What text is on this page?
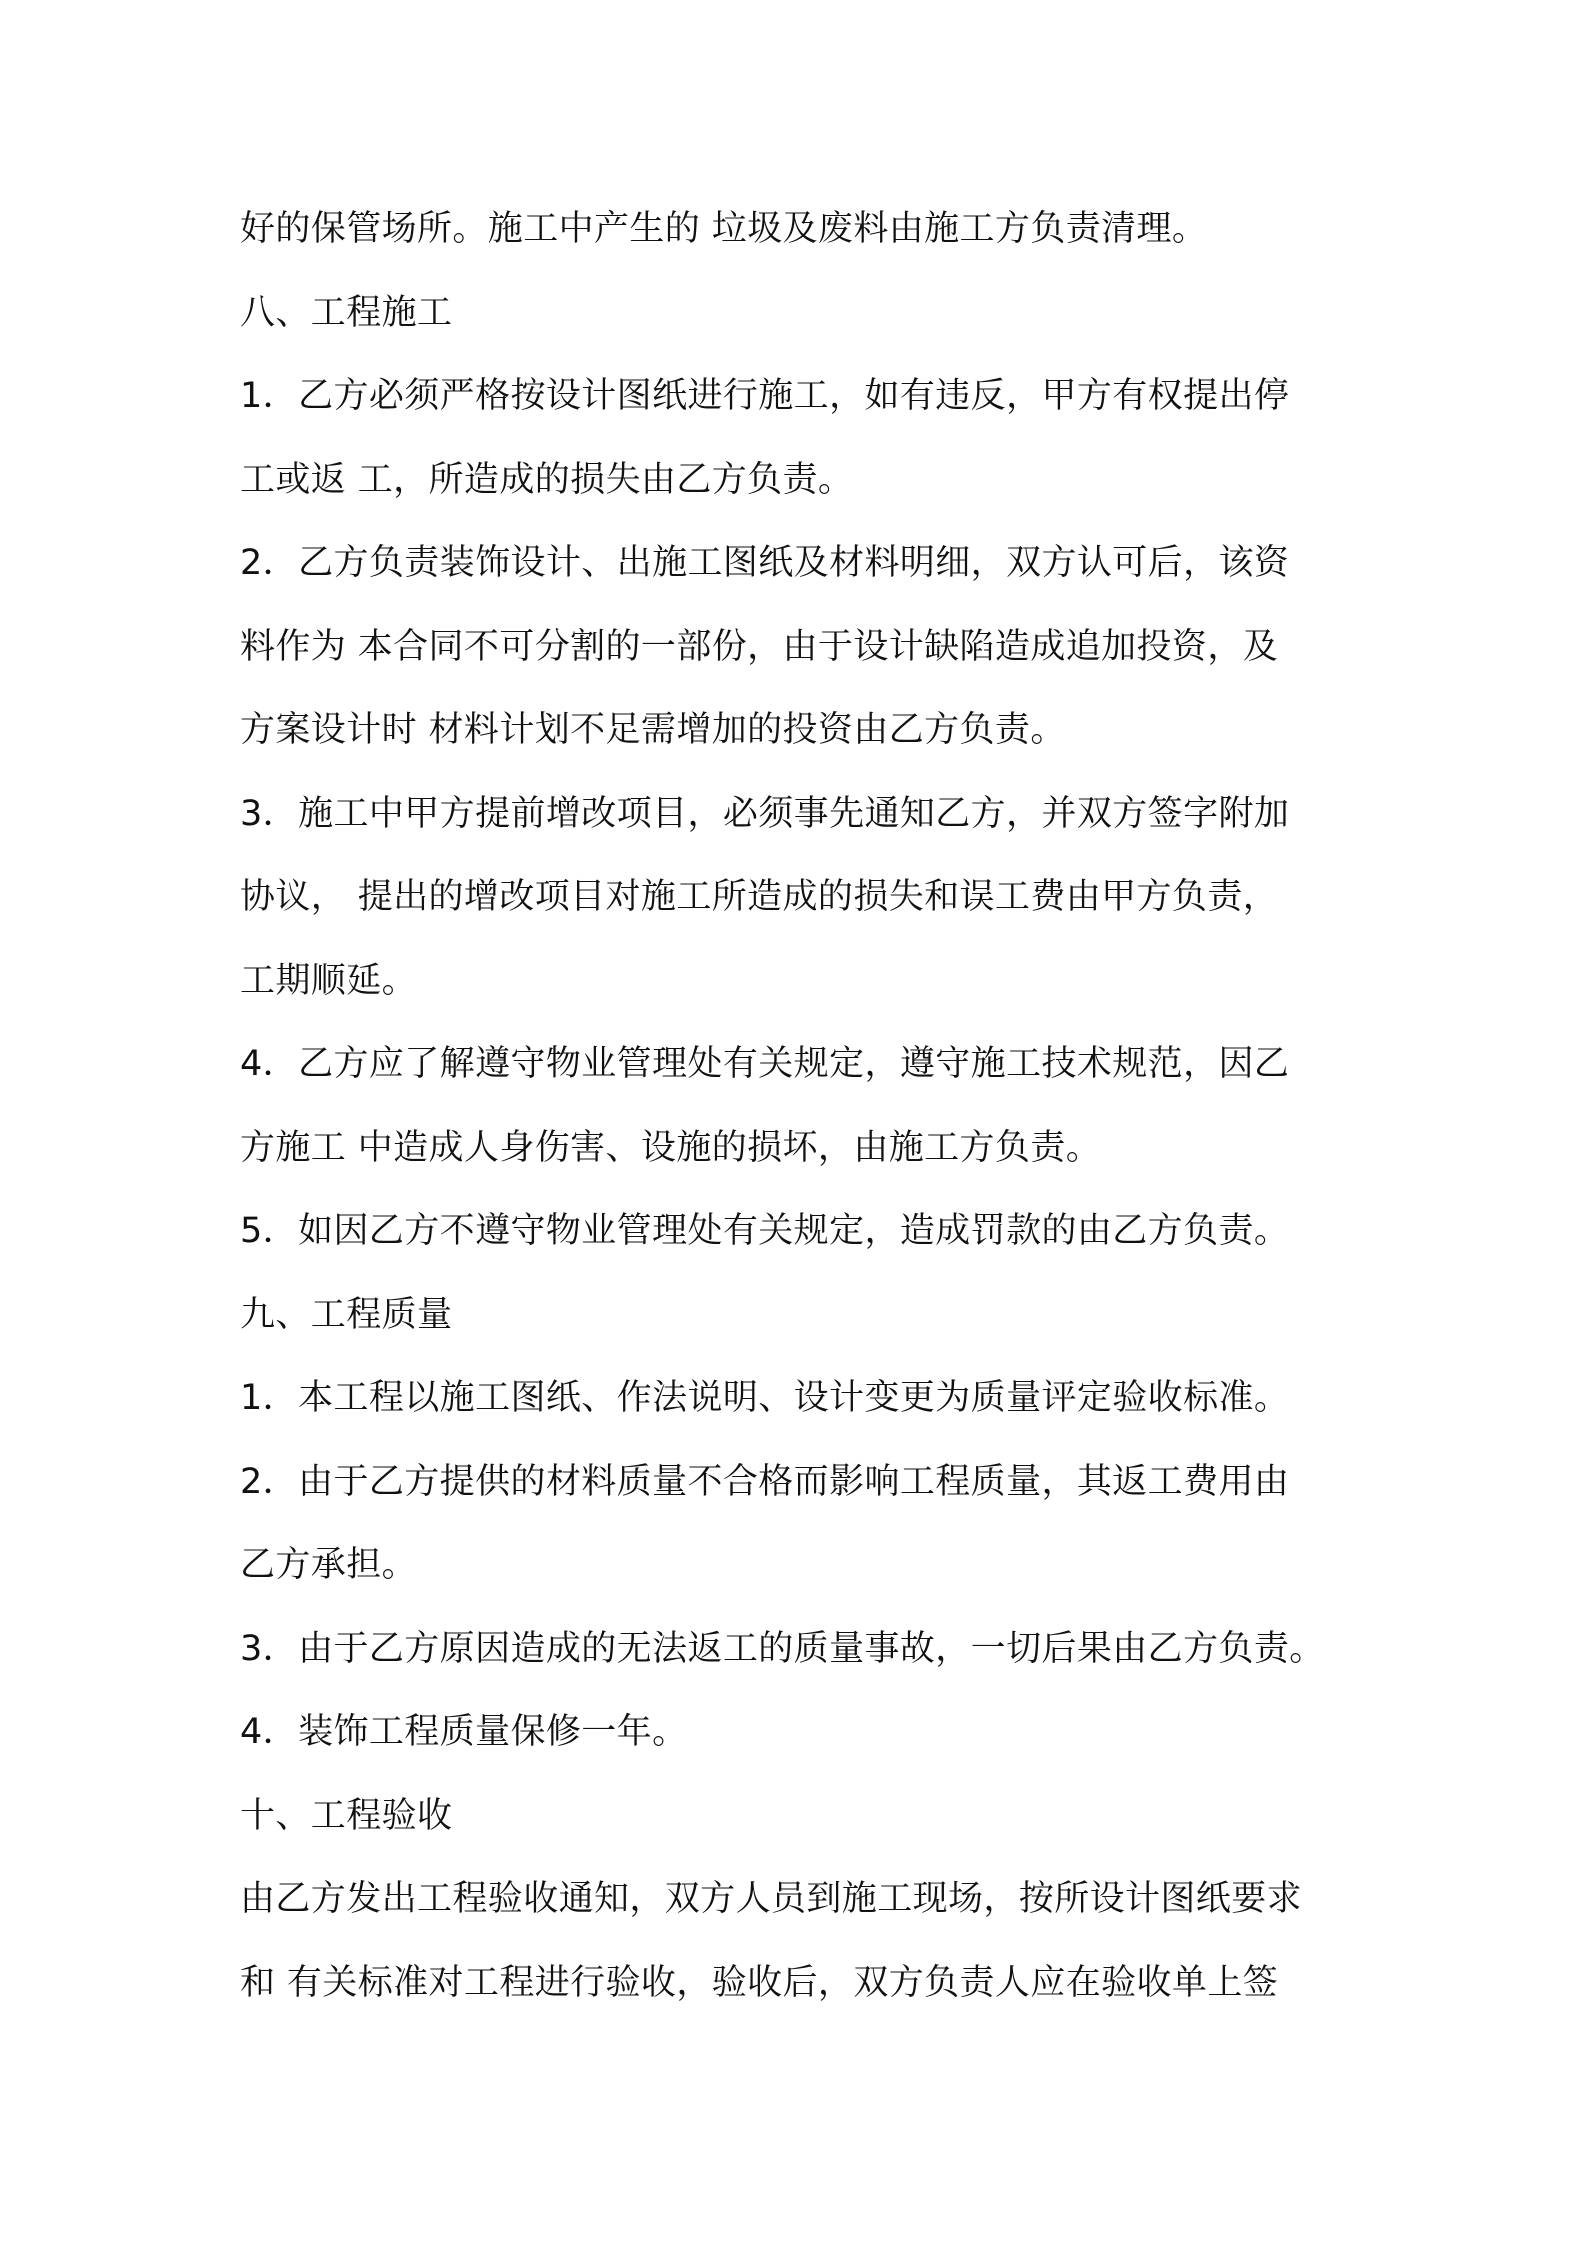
好的保管场所。施工中产生的 垃圾及废料由施工方负责清理。
八、工程施工
1．乙方必须严格按设计图纸进行施工，如有违反，甲方有权提出停
工或返 工，所造成的损失由乙方负责。
2．乙方负责装饰设计、出施工图纸及材料明细，双方认可后，该资
料作为 本合同不可分割的一部份，由于设计缺陷造成追加投资，及
方案设计时 材料计划不足需增加的投资由乙方负责。
3．施工中甲方提前增改项目，必须事先通知乙方，并双方签字附加
协议， 提出的增改项目对施工所造成的损失和误工费由甲方负责，
工期顺延。
4．乙方应了解遵守物业管理处有关规定，遵守施工技术规范，因乙
方施工 中造成人身伤害、设施的损坏，由施工方负责。
5．如因乙方不遵守物业管理处有关规定，造成罚款的由乙方负责。
九、工程质量
1．本工程以施工图纸、作法说明、设计变更为质量评定验收标准。
2．由于乙方提供的材料质量不合格而影响工程质量，其返工费用由
乙方承担。
3．由于乙方原因造成的无法返工的质量事故，一切后果由乙方负责。
4．装饰工程质量保修一年。
十、工程验收
由乙方发出工程验收通知，双方人员到施工现场，按所设计图纸要求
和 有关标准对工程进行验收，验收后，双方负责人应在验收单上签
